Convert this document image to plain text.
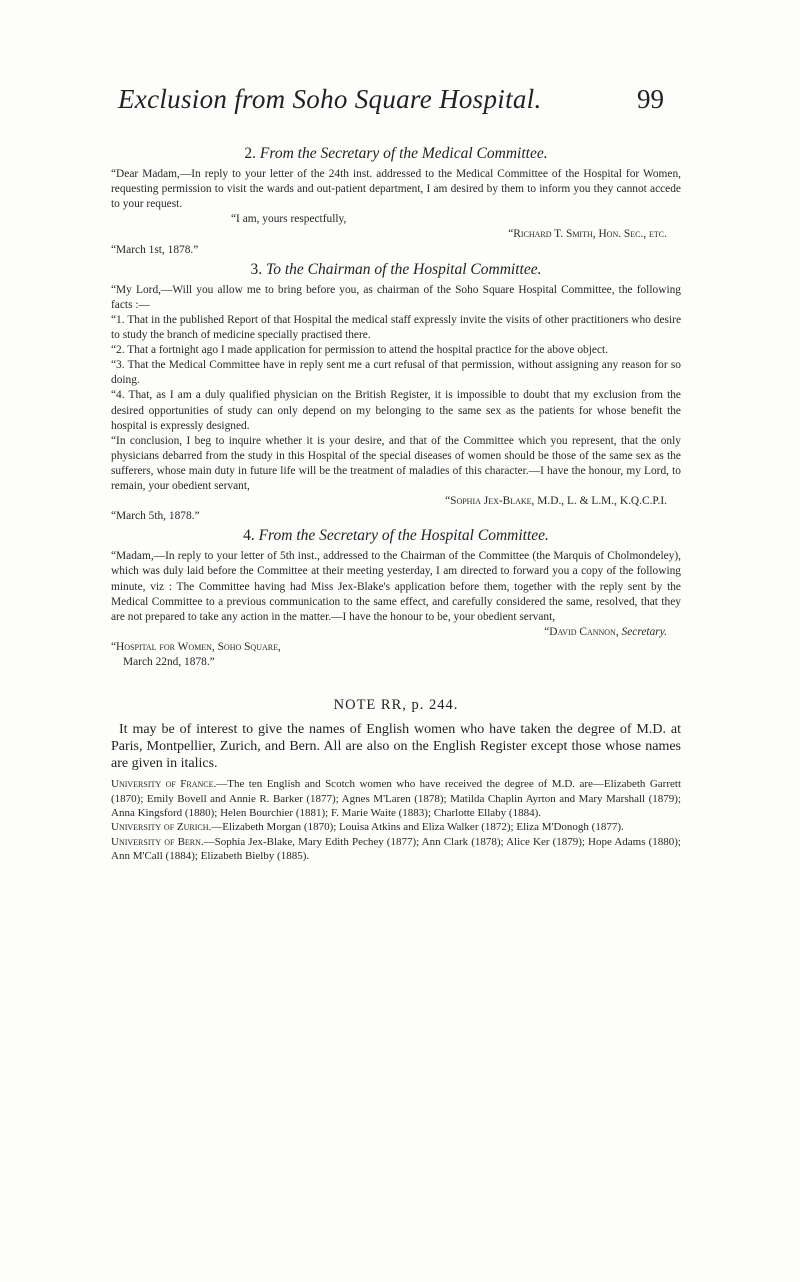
Exclusion from Soho Square Hospital.	99
2. From the Secretary of the Medical Committee.

“Dear Madam,—In reply to your letter of the 24th inst. addressed to the Medical Committee of the Hospital for Women, requesting permission to visit the wards and out-patient department, I am desired by them to inform you they cannot accede to your request.

“I am, yours respectfully,

“Richard T. Smith, Hon. Sec., etc.

“March 1st, 1878.”

3. To the Chairman of the Hospital Committee.

“My Lord,—Will you allow me to bring before you, as chairman of the Soho Square Hospital Committee, the following facts :—

“1. That in the published Report of that Hospital the medical staff expressly invite the visits of other practitioners who desire to study the branch of medicine specially practised there.

“2. That a fortnight ago I made application for permission to attend the hospital practice for the above object.

“3. That the Medical Committee have in reply sent me a curt refusal of that permission, without assigning any reason for so doing.

“4. That, as I am a duly qualified physician on the British Register, it is impossible to doubt that my exclusion from the desired opportunities of study can only depend on my belonging to the same sex as the patients for whose benefit the hospital is expressly designed.

“In conclusion, I beg to inquire whether it is your desire, and that of the Committee which you represent, that the only physicians debarred from the study in this Hospital of the special diseases of women should be those of the same sex as the sufferers, whose main duty in future life will be the treatment of maladies of this character.—I have the honour, my Lord, to remain, your obedient servant,

“Sophia Jex-Blake, M.D., L. & L.M., K.Q.C.P.I.

“March 5th, 1878.”

4. From the Secretary of the Hospital Committee.

“Madam,—In reply to your letter of 5th inst., addressed to the Chairman of the Committee (the Marquis of Cholmondeley), which was duly laid before the Committee at their meeting yesterday, I am directed to forward you a copy of the following minute, viz : The Committee having had Miss Jex-Blake's application before them, together with the reply sent by the Medical Committee to a previous communication to the same effect, and carefully considered the same, resolved, that they are not prepared to take any action in the matter.—I have the honour to be, your obedient servant,

“David Cannon, Secretary.

“Hospital for Women, Soho Square,

March 22nd, 1878.”

NOTE RR, p. 244.

It may be of interest to give the names of English women who have taken the degree of M.D. at Paris, Montpellier, Zurich, and Bern. All are also on the English Register except those whose names are given in italics.

University of France.—The ten English and Scotch women who have received the degree of M.D. are—Elizabeth Garrett (1870); Emily Bovell and Annie R. Barker (1877); Agnes M'Laren (1878); Matilda Chaplin Ayrton and Mary Marshall (1879); Anna Kingsford (1880); Helen Bourchier (1881); F. Marie Waite (1883); Charlotte Ellaby (1884).

University of Zurich.—Elizabeth Morgan (1870); Louisa Atkins and Eliza Walker (1872); Eliza M'Donogh (1877).

University of Bern.—Sophia Jex-Blake, Mary Edith Pechey (1877); Ann Clark (1878); Alice Ker (1879); Hope Adams (1880); Ann M'Call (1884); Elizabeth Bielby (1885).
